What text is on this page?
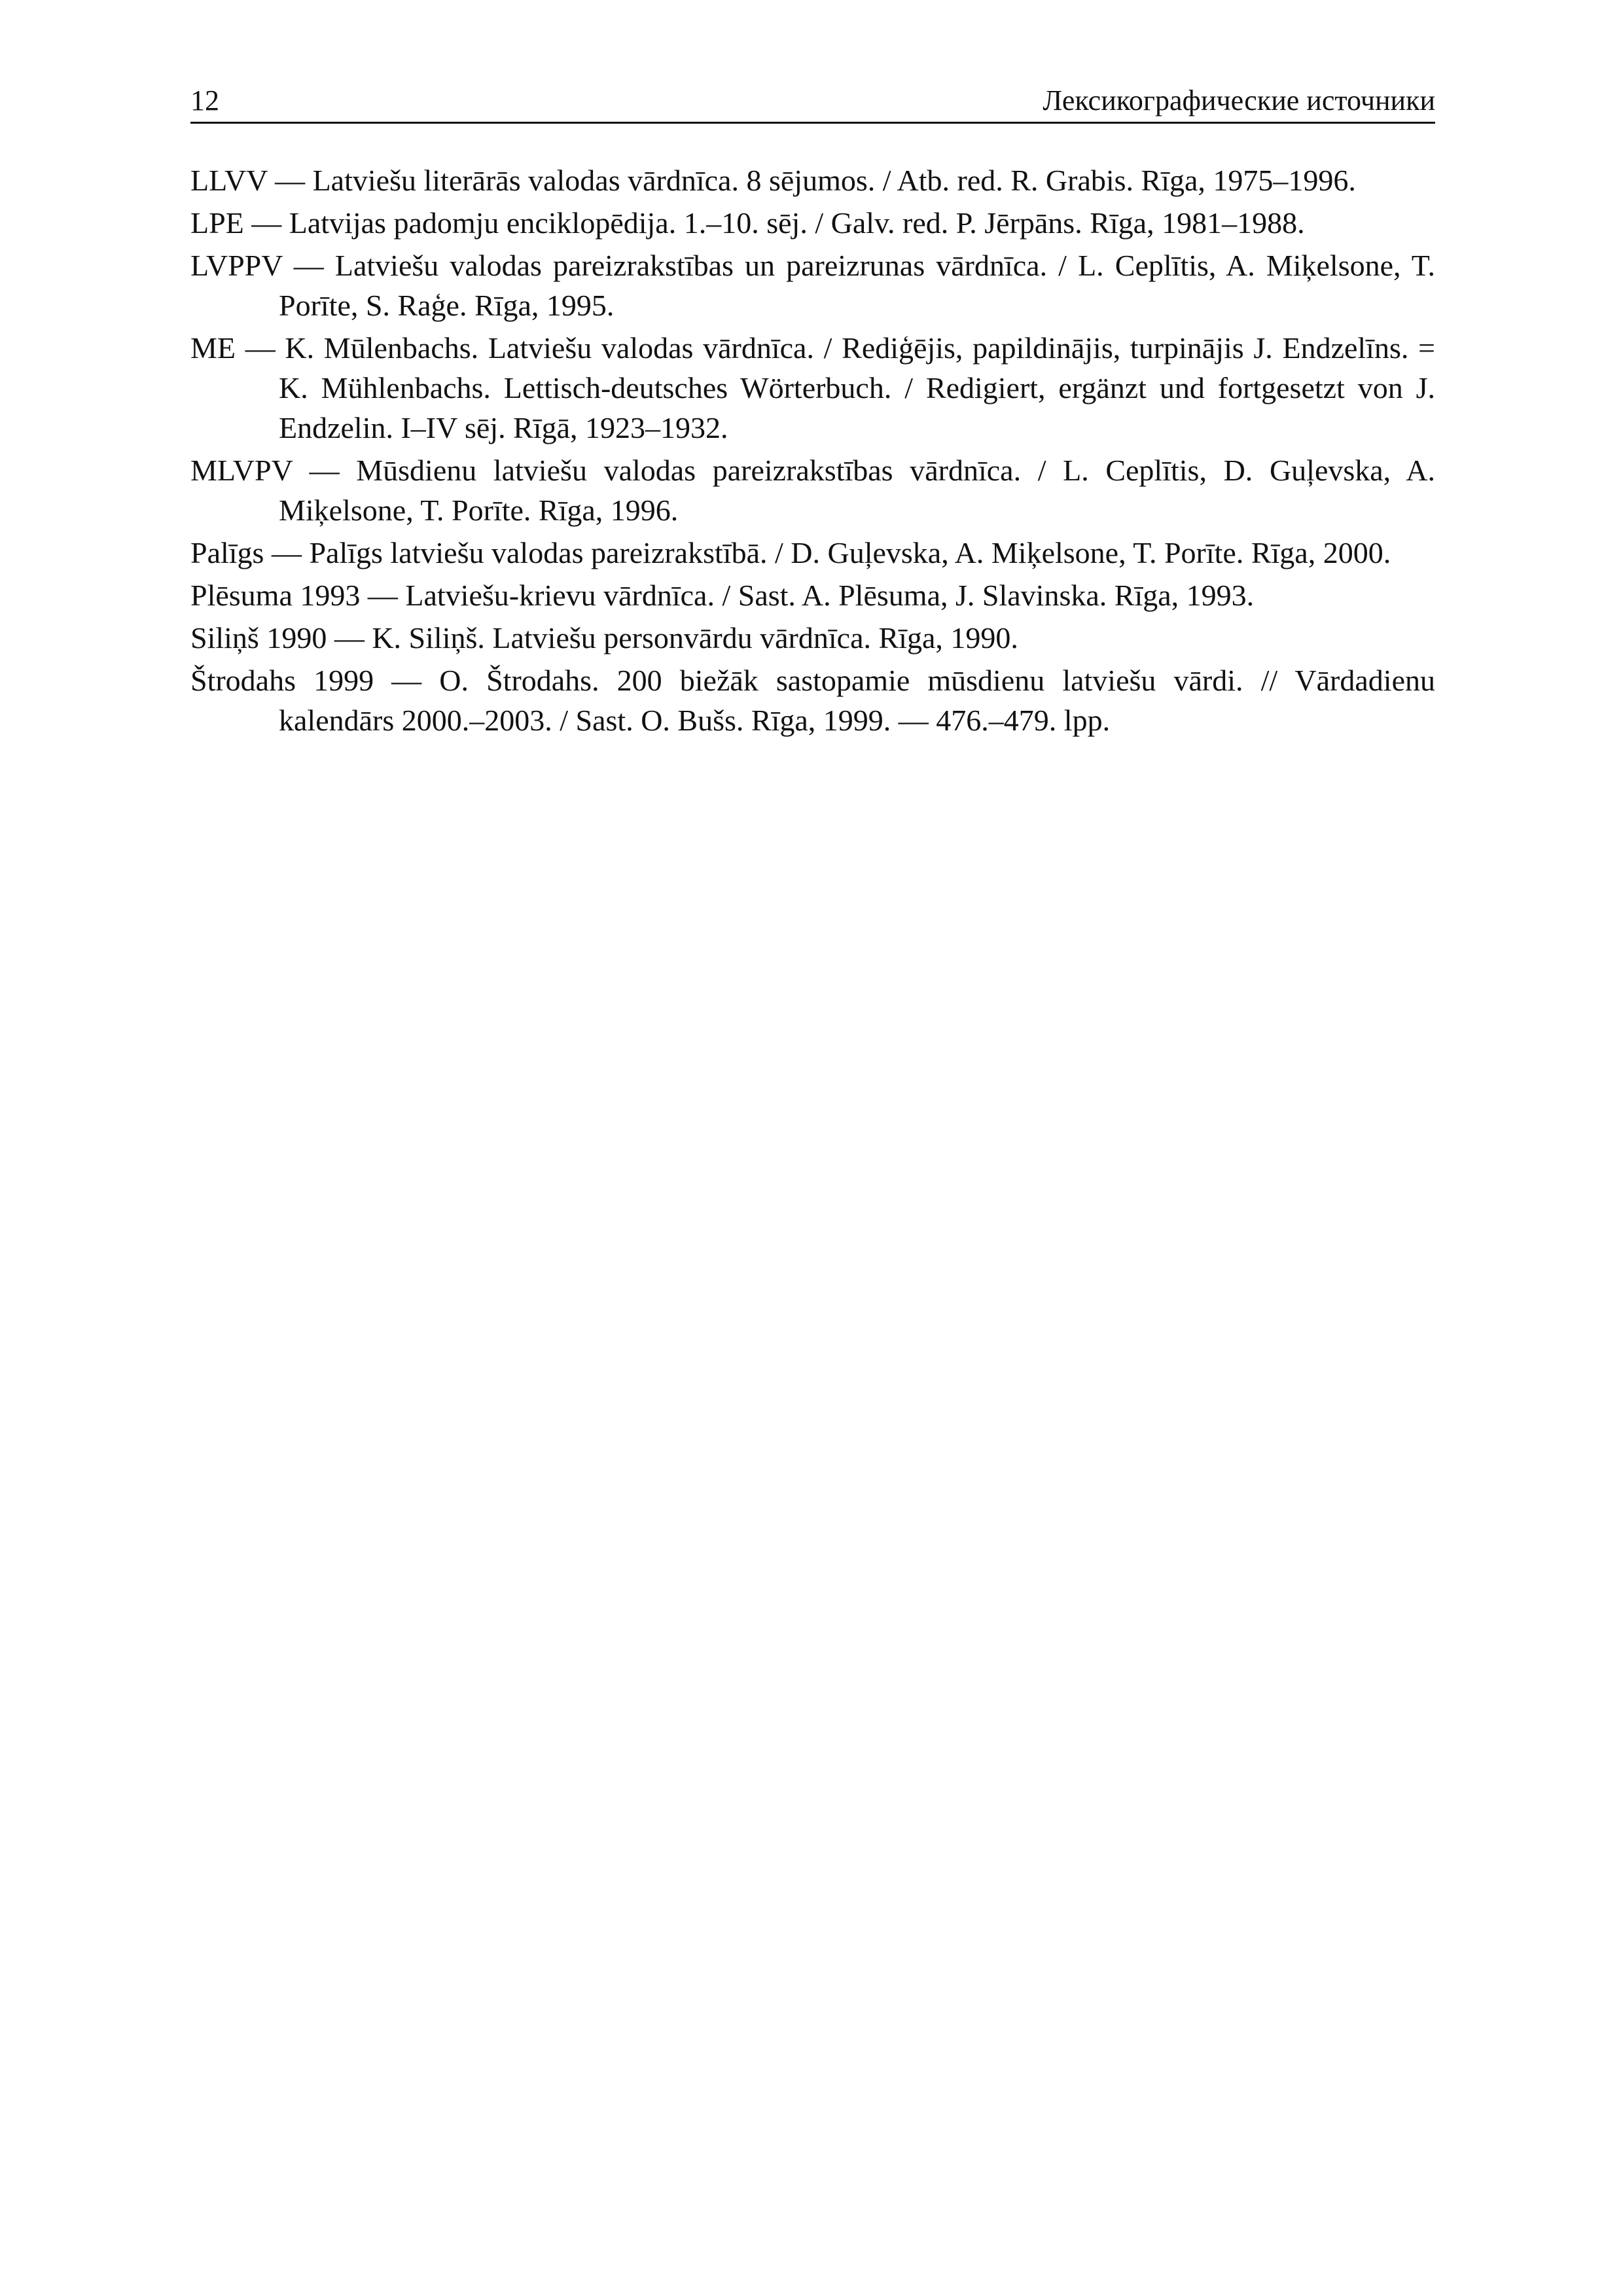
12	Лексикографические источники

LLVV — Latviešu literārās valodas vārdnīca. 8 sējumos. / Atb. red. R. Grabis. Rīga, 1975–1996.

LPE — Latvijas padomju enciklopēdija. 1.–10. sēj. / Galv. red. P. Jērpāns. Rīga, 1981–1988.

LVPPV — Latviešu valodas pareizrakstības un pareizrunas vārdnīca. / L. Ceplītis, A. Miķelsone, T. Porīte, S. Raģe. Rīga, 1995.

ME — K. Mūlenbachs. Latviešu valodas vārdnīca. / Rediģējis, papildinājis, turpinājis J. Endzelīns. = K. Mühlenbachs. Lettisch-deutsches Wörterbuch. / Redigiert, ergänzt und fortgesetzt von J. Endzelin. I–IV sēj. Rīgā, 1923–1932.

MLVPV — Mūsdienu latviešu valodas pareizrakstības vārdnīca. / L. Ceplītis, D. Guļevska, A. Miķelsone, T. Porīte. Rīga, 1996.

Palīgs — Palīgs latviešu valodas pareizrakstībā. / D. Guļevska, A. Miķelsone, T. Porīte. Rīga, 2000.

Plēsuma 1993 — Latviešu-krievu vārdnīca. / Sast. A. Plēsuma, J. Slavinska. Rīga, 1993.

Siliņš 1990 — K. Siliņš. Latviešu personvārdu vārdnīca. Rīga, 1990.

Štrodahs 1999 — O. Štrodahs. 200 biežāk sastopamie mūsdienu latviešu vārdi. // Vārdadienu kalendārs 2000.–2003. / Sast. O. Bušs. Rīga, 1999. — 476.–479. lpp.
